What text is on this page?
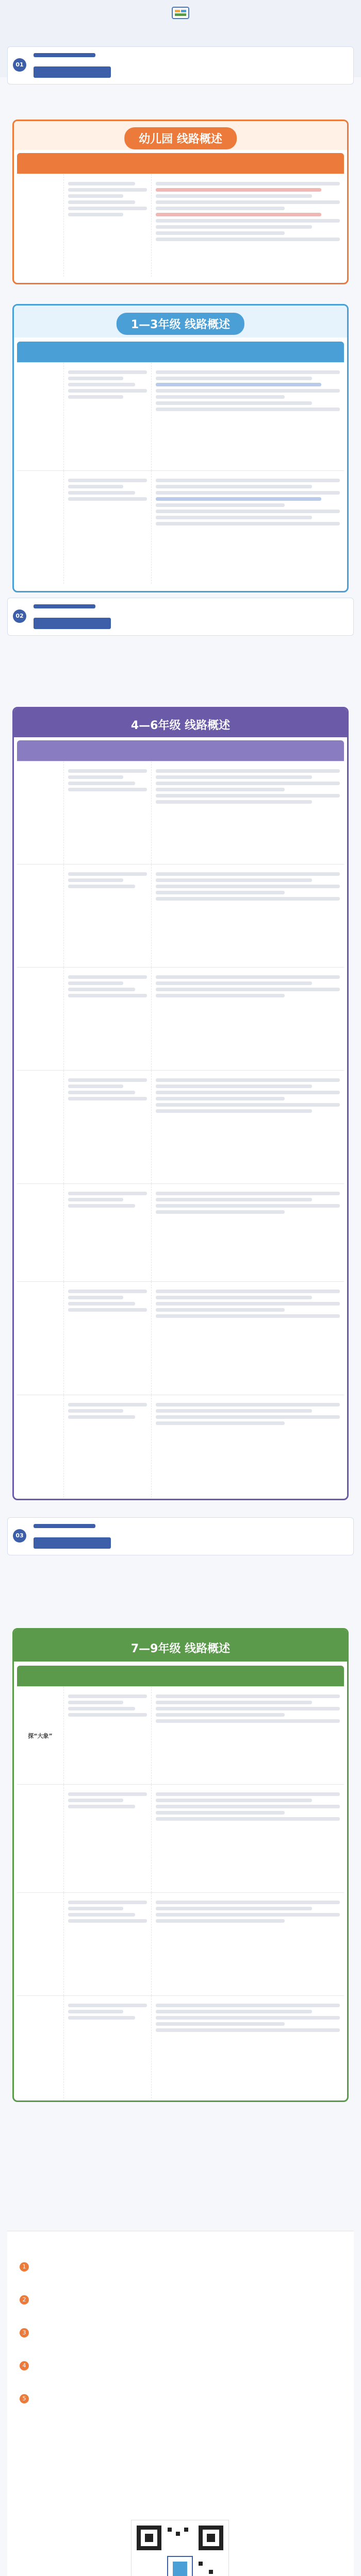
01
幼儿园 线路概述
1—3年级 线路概述
02
4—6年级 线路概述
03
7—9年级 线路概述
探“大象”
1
2
3
4
5
